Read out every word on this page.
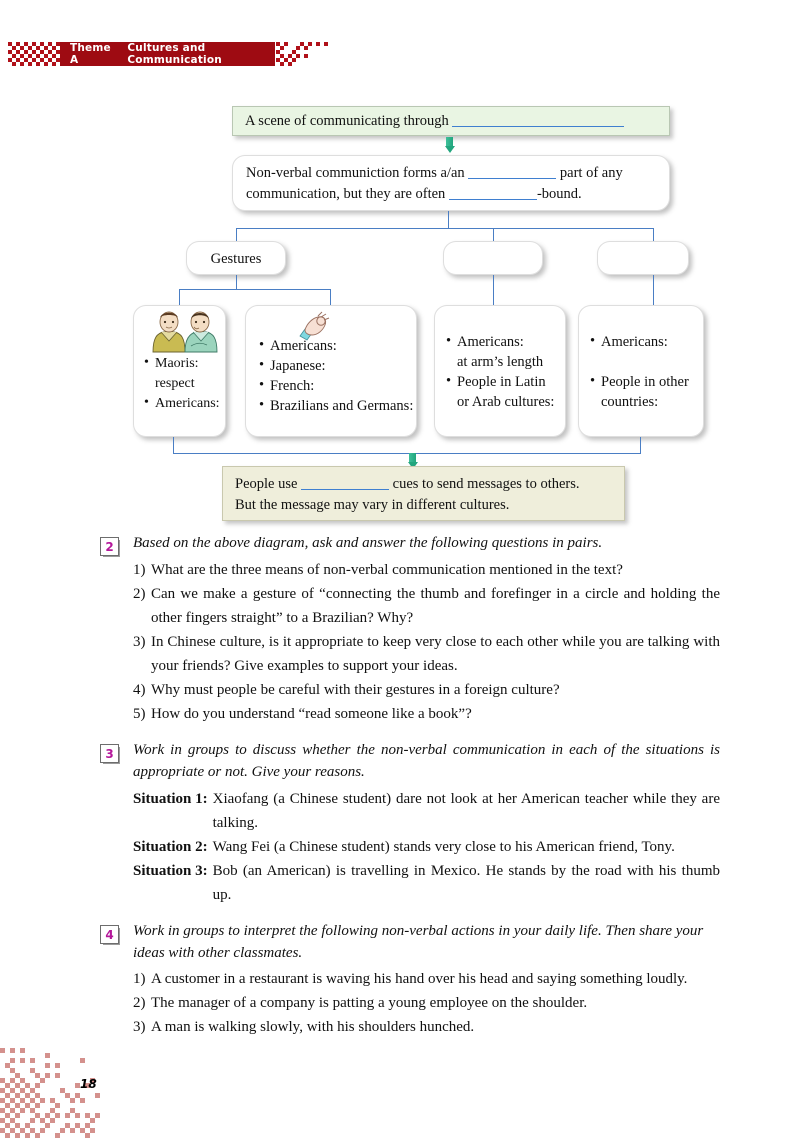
Theme A
Cultures and Communication
A scene of communicating through
Non-verbal communiction forms a/an	part of any
communication, but they are often	-bound.
Gestures
• Maoris:
respect
• Americans:
• Americans:
• Japanese:
• French:
• Brazilians and Germans:
• Americans:
at arm’s length
• People in Latin
or Arab cultures:
• Americans:
• People in other
countries:
People use	cues to send messages to others.
But the message may vary in different cultures.
2	Based on the above diagram, ask and answer the following questions in pairs.
1) What are the three means of non-verbal communication mentioned in the text?
2) Can we make a gesture of “connecting the thumb and forefinger in a circle and holding the other fingers straight” to a Brazilian? Why?
3) In Chinese culture, is it appropriate to keep very close to each other while you are talking with your friends? Give examples to support your ideas.
4) Why must people be careful with their gestures in a foreign culture?
5) How do you understand “read someone like a book”?
3	Work in groups to discuss whether the non-verbal communication in each of the situations is appropriate or not. Give your reasons.
Situation 1: Xiaofang (a Chinese student) dare not look at her American teacher while they are talking.
Situation 2: Wang Fei (a Chinese student) stands very close to his American friend, Tony.
Situation 3: Bob (an American) is travelling in Mexico. He stands by the road with his thumb up.
4	Work in groups to interpret the following non-verbal actions in your daily life. Then share your ideas with other classmates.
1) A customer in a restaurant is waving his hand over his head and saying something loudly.
2) The manager of a company is patting a young employee on the shoulder.
3) A man is walking slowly, with his shoulders hunched.
18
